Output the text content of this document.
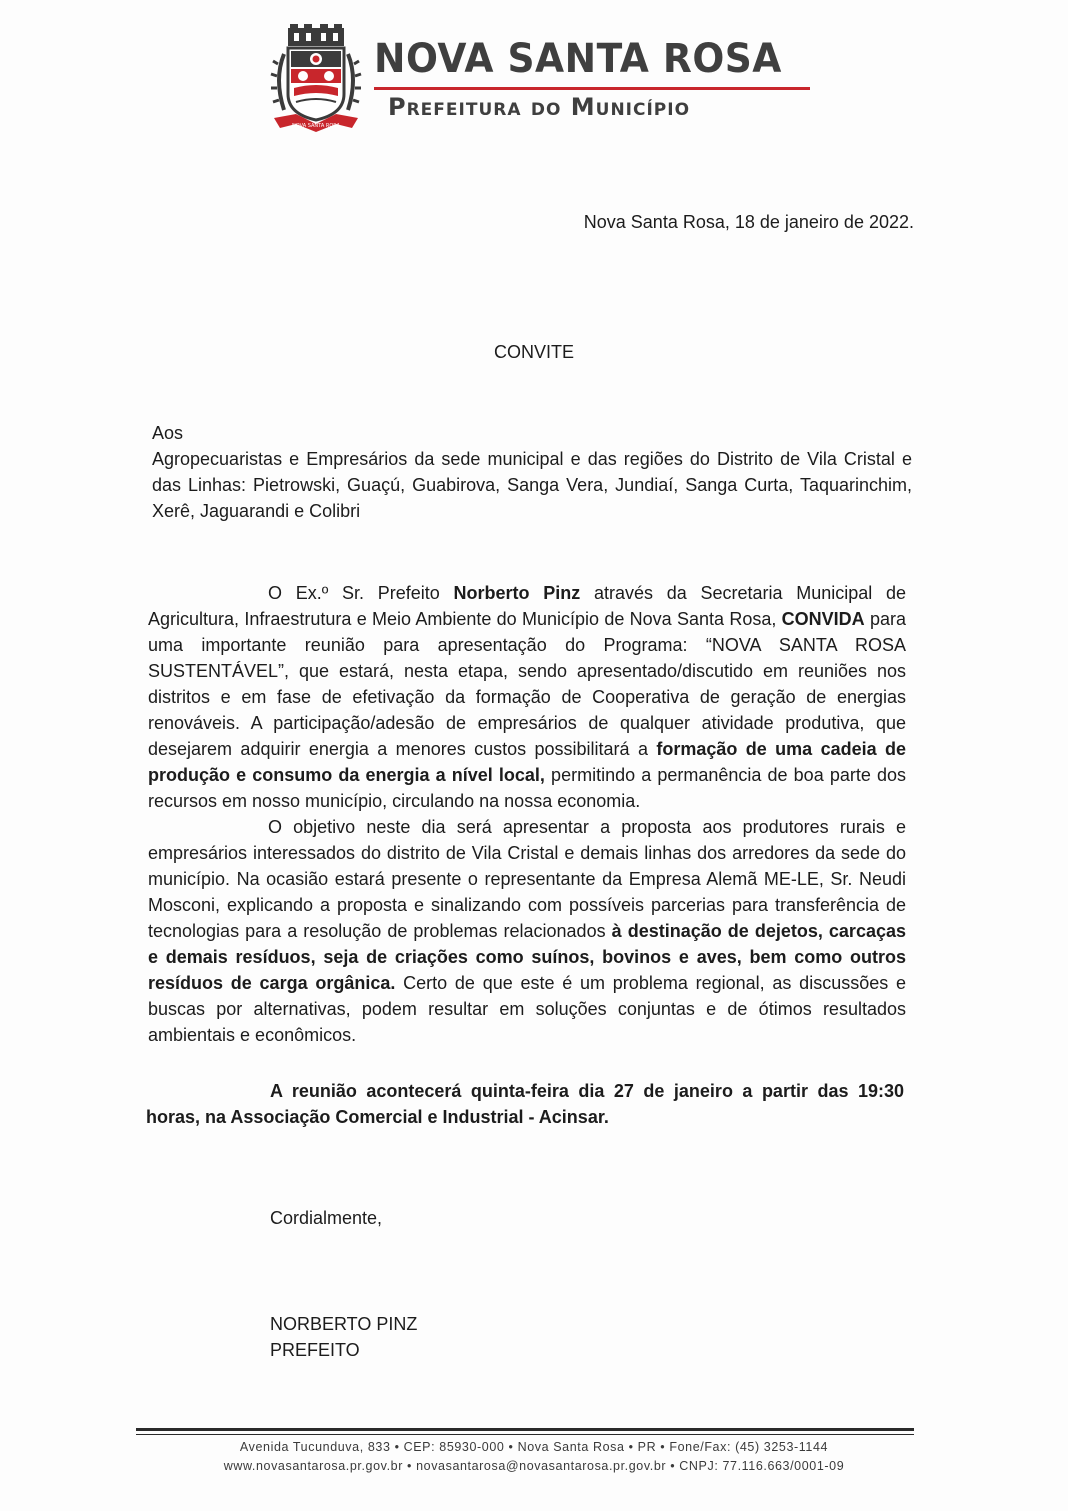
NOVA SANTA ROSA
NOVA SANTA ROSA
Prefeitura do Município
Nova Santa Rosa, 18 de janeiro de 2022.
CONVITE
Aos
Agropecuaristas e Empresários da sede municipal e das regiões do Distrito de Vila Cristal e das Linhas: Pietrowski, Guaçú, Guabirova, Sanga Vera, Jundiaí, Sanga Curta, Taquarinchim, Xerê, Jaguarandi e Colibri

O Ex.º Sr. Prefeito Norberto Pinz através da Secretaria Municipal de Agricultura, Infraestrutura e Meio Ambiente do Município de Nova Santa Rosa, CONVIDA para uma importante reunião para apresentação do Programa: “NOVA SANTA ROSA SUSTENTÁVEL”, que estará, nesta etapa, sendo apresentado/discutido em reuniões nos distritos e em fase de efetivação da formação de Cooperativa de geração de energias renováveis. A participação/adesão de empresários de qualquer atividade produtiva, que desejarem adquirir energia a menores custos possibilitará a formação de uma cadeia de produção e consumo da energia a nível local, permitindo a permanência de boa parte dos recursos em nosso município, circulando na nossa economia.

O objetivo neste dia será apresentar a proposta aos produtores rurais e empresários interessados do distrito de Vila Cristal e demais linhas dos arredores da sede do município. Na ocasião estará presente o representante da Empresa Alemã ME-LE, Sr. Neudi Mosconi, explicando a proposta e sinalizando com possíveis parcerias para transferência de tecnologias para a resolução de problemas relacionados à destinação de dejetos, carcaças e demais resíduos, seja de criações como suínos, bovinos e aves, bem como outros resíduos de carga orgânica. Certo de que este é um problema regional, as discussões e buscas por alternativas, podem resultar em soluções conjuntas e de ótimos resultados ambientais e econômicos.

A reunião acontecerá quinta-feira dia 27 de janeiro a partir das 19:30 horas, na Associação Comercial e Industrial - Acinsar.

Cordialmente,
NORBERTO PINZ
PREFEITO
Avenida Tucunduva, 833 • CEP: 85930-000 • Nova Santa Rosa • PR • Fone/Fax: (45) 3253-1144
www.novasantarosa.pr.gov.br • novasantarosa@novasantarosa.pr.gov.br • CNPJ: 77.116.663/0001-09
